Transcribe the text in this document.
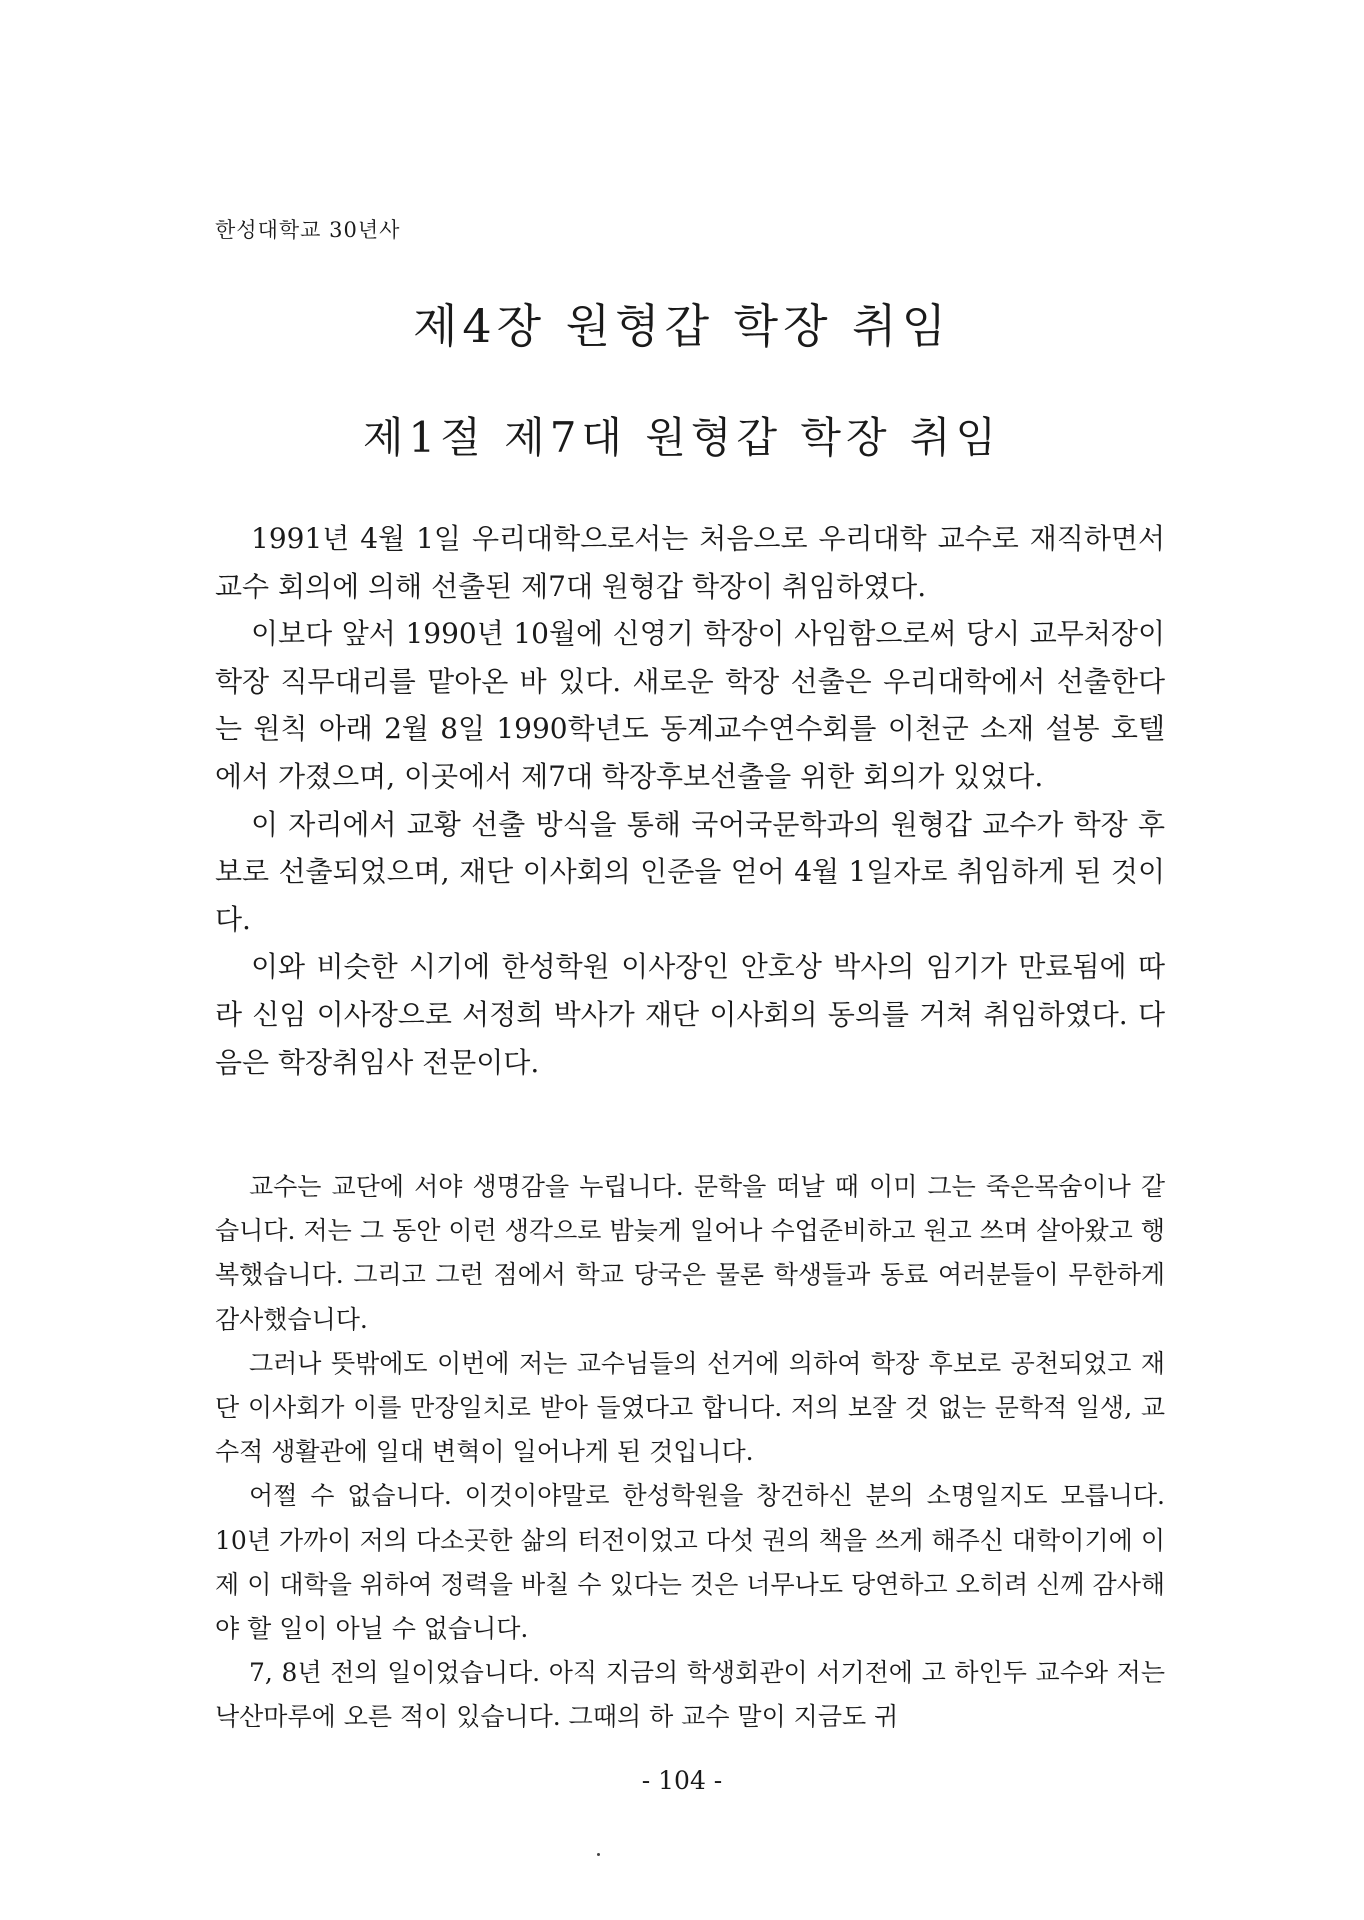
한성대학교 30년사
제4장 원형갑 학장 취임
제1절 제7대 원형갑 학장 취임

1991년 4월 1일 우리대학으로서는 처음으로 우리대학 교수로 재직하면서 교수 회의에 의해 선출된 제7대 원형갑 학장이 취임하였다.

이보다 앞서 1990년 10월에 신영기 학장이 사임함으로써 당시 교무처장이 학장 직무대리를 맡아온 바 있다. 새로운 학장 선출은 우리대학에서 선출한다는 원칙 아래 2월 8일 1990학년도 동계교수연수회를 이천군 소재 설봉 호텔에서 가졌으며, 이곳에서 제7대 학장후보선출을 위한 회의가 있었다.

이 자리에서 교황 선출 방식을 통해 국어국문학과의 원형갑 교수가 학장 후보로 선출되었으며, 재단 이사회의 인준을 얻어 4월 1일자로 취임하게 된 것이다.

이와 비슷한 시기에 한성학원 이사장인 안호상 박사의 임기가 만료됨에 따라 신임 이사장으로 서정희 박사가 재단 이사회의 동의를 거쳐 취임하였다. 다음은 학장취임사 전문이다.

교수는 교단에 서야 생명감을 누립니다. 문학을 떠날 때 이미 그는 죽은목숨이나 같습니다. 저는 그 동안 이런 생각으로 밤늦게 일어나 수업준비하고 원고 쓰며 살아왔고 행복했습니다. 그리고 그런 점에서 학교 당국은 물론 학생들과 동료 여러분들이 무한하게 감사했습니다.

그러나 뜻밖에도 이번에 저는 교수님들의 선거에 의하여 학장 후보로 공천되었고 재단 이사회가 이를 만장일치로 받아 들였다고 합니다. 저의 보잘 것 없는 문학적 일생, 교수적 생활관에 일대 변혁이 일어나게 된 것입니다.

어쩔 수 없습니다. 이것이야말로 한성학원을 창건하신 분의 소명일지도 모릅니다. 10년 가까이 저의 다소곳한 삶의 터전이었고 다섯 권의 책을 쓰게 해주신 대학이기에 이제 이 대학을 위하여 정력을 바칠 수 있다는 것은 너무나도 당연하고 오히려 신께 감사해야 할 일이 아닐 수 없습니다.

7, 8년 전의 일이었습니다. 아직 지금의 학생회관이 서기전에 고 하인두 교수와 저는 낙산마루에 오른 적이 있습니다. 그때의 하 교수 말이 지금도 귀

- 104 -
